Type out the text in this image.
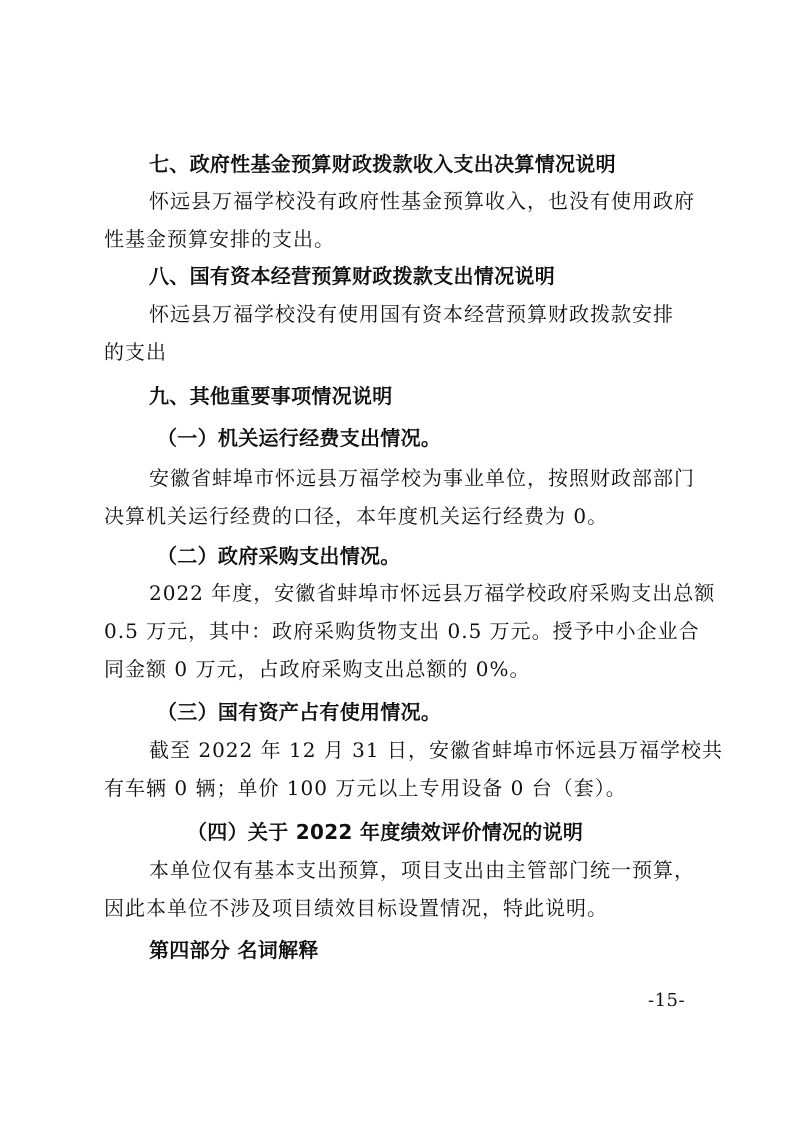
七、政府性基金预算财政拨款收入支出决算情况说明

怀远县万福学校没有政府性基金预算收入，也没有使用政府

性基金预算安排的支出。

八、国有资本经营预算财政拨款支出情况说明

怀远县万福学校没有使用国有资本经营预算财政拨款安排

的支出

九、其他重要事项情况说明

（一）机关运行经费支出情况。

安徽省蚌埠市怀远县万福学校为事业单位，按照财政部部门

决算机关运行经费的口径，本年度机关运行经费为 0。

（二）政府采购支出情况。

2022 年度，安徽省蚌埠市怀远县万福学校政府采购支出总额

0.5 万元，其中：政府采购货物支出 0.5 万元。授予中小企业合

同金额 0 万元，占政府采购支出总额的 0%。

（三）国有资产占有使用情况。

截至 2022 年 12 月 31 日，安徽省蚌埠市怀远县万福学校共

有车辆 0 辆；单价 100 万元以上专用设备 0 台（套）。

（四）关于 2022 年度绩效评价情况的说明

本单位仅有基本支出预算，项目支出由主管部门统一预算，

因此本单位不涉及项目绩效目标设置情况，特此说明。

第四部分 名词解释

-15-
